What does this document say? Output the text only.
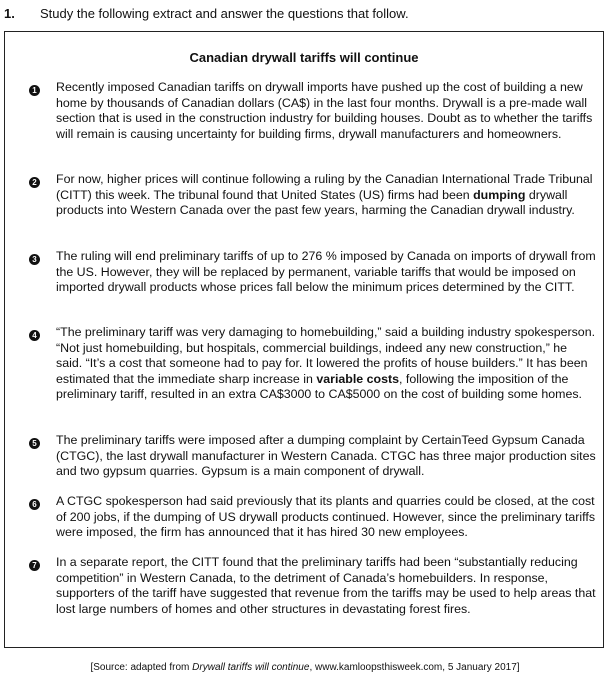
1. Study the following extract and answer the questions that follow.
Canadian drywall tariffs will continue
1 Recently imposed Canadian tariffs on drywall imports have pushed up the cost of building a new home by thousands of Canadian dollars (CA$) in the last four months. Drywall is a pre-made wall section that is used in the construction industry for building houses. Doubt as to whether the tariffs will remain is causing uncertainty for building firms, drywall manufacturers and homeowners.
2 For now, higher prices will continue following a ruling by the Canadian International Trade Tribunal (CITT) this week. The tribunal found that United States (US) firms had been dumping drywall products into Western Canada over the past few years, harming the Canadian drywall industry.
3 The ruling will end preliminary tariffs of up to 276 % imposed by Canada on imports of drywall from the US. However, they will be replaced by permanent, variable tariffs that would be imposed on imported drywall products whose prices fall below the minimum prices determined by the CITT.
4 “The preliminary tariff was very damaging to homebuilding,” said a building industry spokesperson. “Not just homebuilding, but hospitals, commercial buildings, indeed any new construction,” he said. “It’s a cost that someone had to pay for. It lowered the profits of house builders.” It has been estimated that the immediate sharp increase in variable costs, following the imposition of the preliminary tariff, resulted in an extra CA$3000 to CA$5000 on the cost of building some homes.
5 The preliminary tariffs were imposed after a dumping complaint by CertainTeed Gypsum Canada (CTGC), the last drywall manufacturer in Western Canada. CTGC has three major production sites and two gypsum quarries. Gypsum is a main component of drywall.
6 A CTGC spokesperson had said previously that its plants and quarries could be closed, at the cost of 200 jobs, if the dumping of US drywall products continued. However, since the preliminary tariffs were imposed, the firm has announced that it has hired 30 new employees.
7 In a separate report, the CITT found that the preliminary tariffs had been “substantially reducing competition” in Western Canada, to the detriment of Canada’s homebuilders. In response, supporters of the tariff have suggested that revenue from the tariffs may be used to help areas that lost large numbers of homes and other structures in devastating forest fires.
[Source: adapted from Drywall tariffs will continue, www.kamloopsthisweek.com, 5 January 2017]
